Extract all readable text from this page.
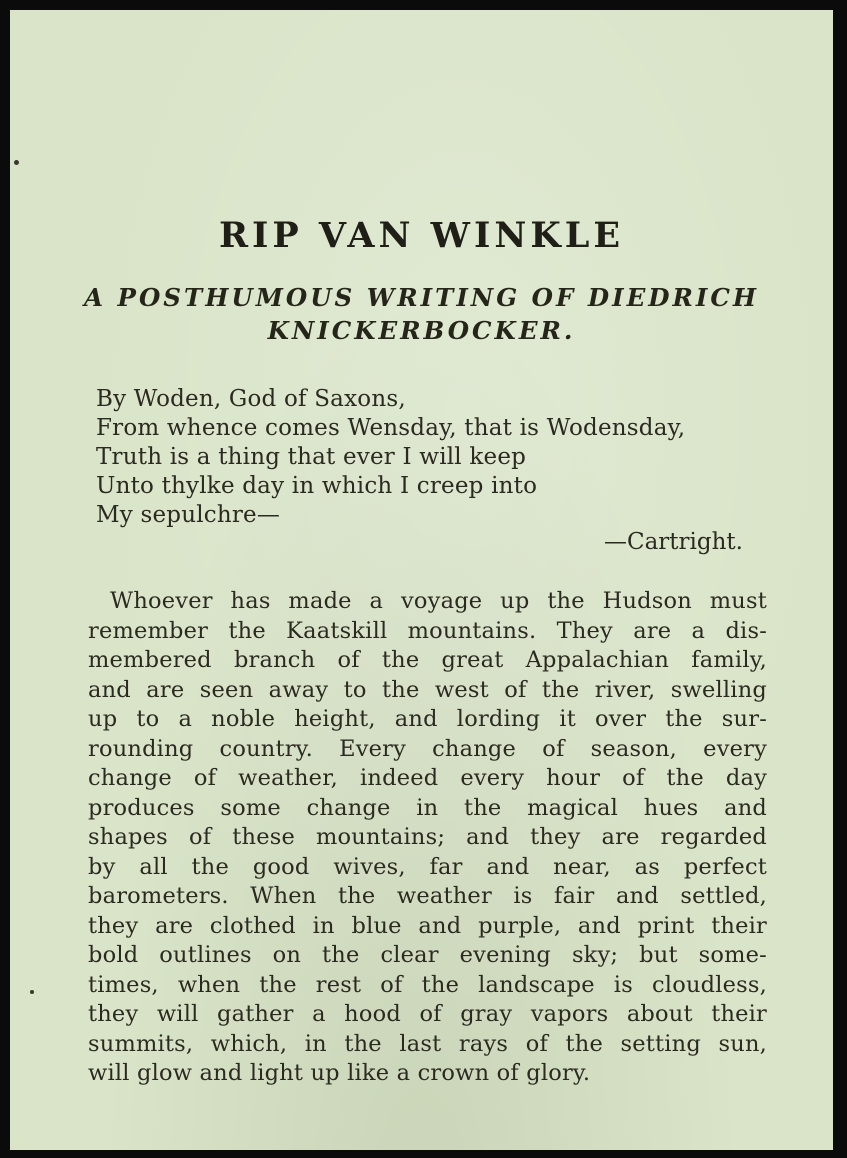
RIP VAN WINKLE
A POSTHUMOUS WRITING OF DIEDRICH
KNICKERBOCKER.
By Woden, God of Saxons,
From whence comes Wensday, that is Wodensday,
Truth is a thing that ever I will keep
Unto thylke day in which I creep into
My sepulchre—
—Cartright.
Whoever has made a voyage up the Hudson must
remember the Kaatskill mountains. They are a dis-
membered branch of the great Appalachian family,
and are seen away to the west of the river, swelling
up to a noble height, and lording it over the sur-
rounding country. Every change of season, every
change of weather, indeed every hour of the day
produces some change in the magical hues and
shapes of these mountains; and they are regarded
by all the good wives, far and near, as perfect
barometers. When the weather is fair and settled,
they are clothed in blue and purple, and print their
bold outlines on the clear evening sky; but some-
times, when the rest of the landscape is cloudless,
they will gather a hood of gray vapors about their
summits, which, in the last rays of the setting sun,
will glow and light up like a crown of glory.
